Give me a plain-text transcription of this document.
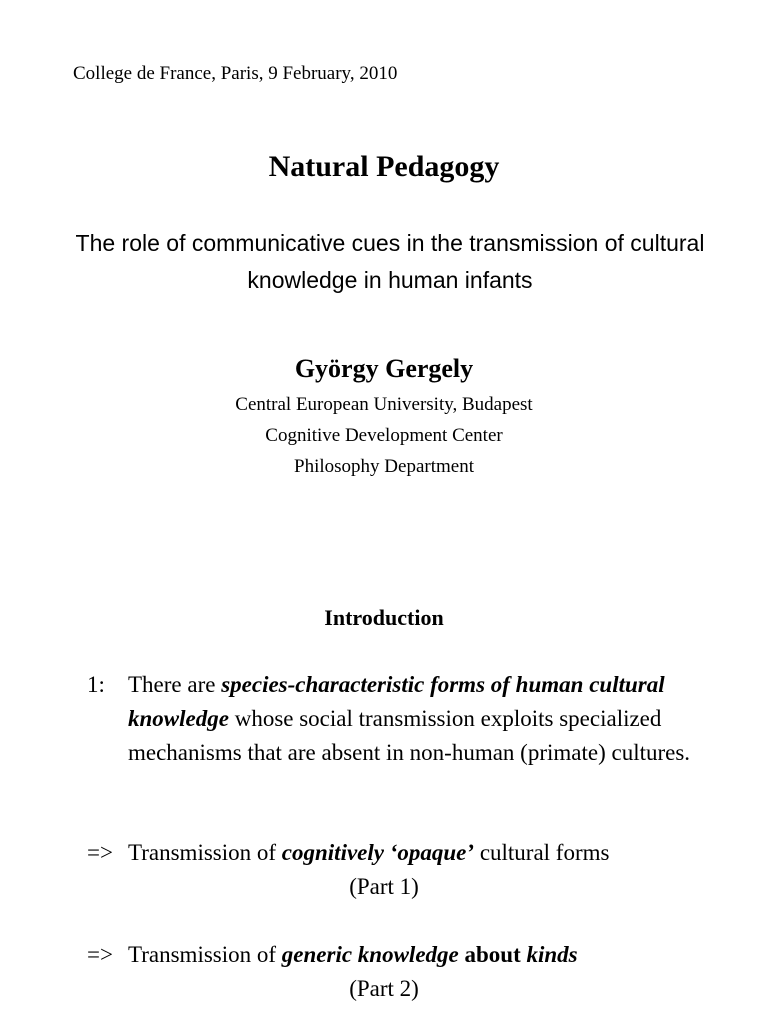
College de France, Paris, 9 February, 2010
Natural Pedagogy
The role of communicative cues in the transmission of cultural knowledge in human infants
György Gergely
Central European University, Budapest
Cognitive Development Center
Philosophy Department
Introduction
1: There are species-characteristic forms of human cultural knowledge whose social transmission exploits specialized mechanisms that are absent in non-human (primate) cultures.
=> Transmission of cognitively ‘opaque’ cultural forms
(Part 1)
=> Transmission of generic knowledge about kinds
(Part 2)
